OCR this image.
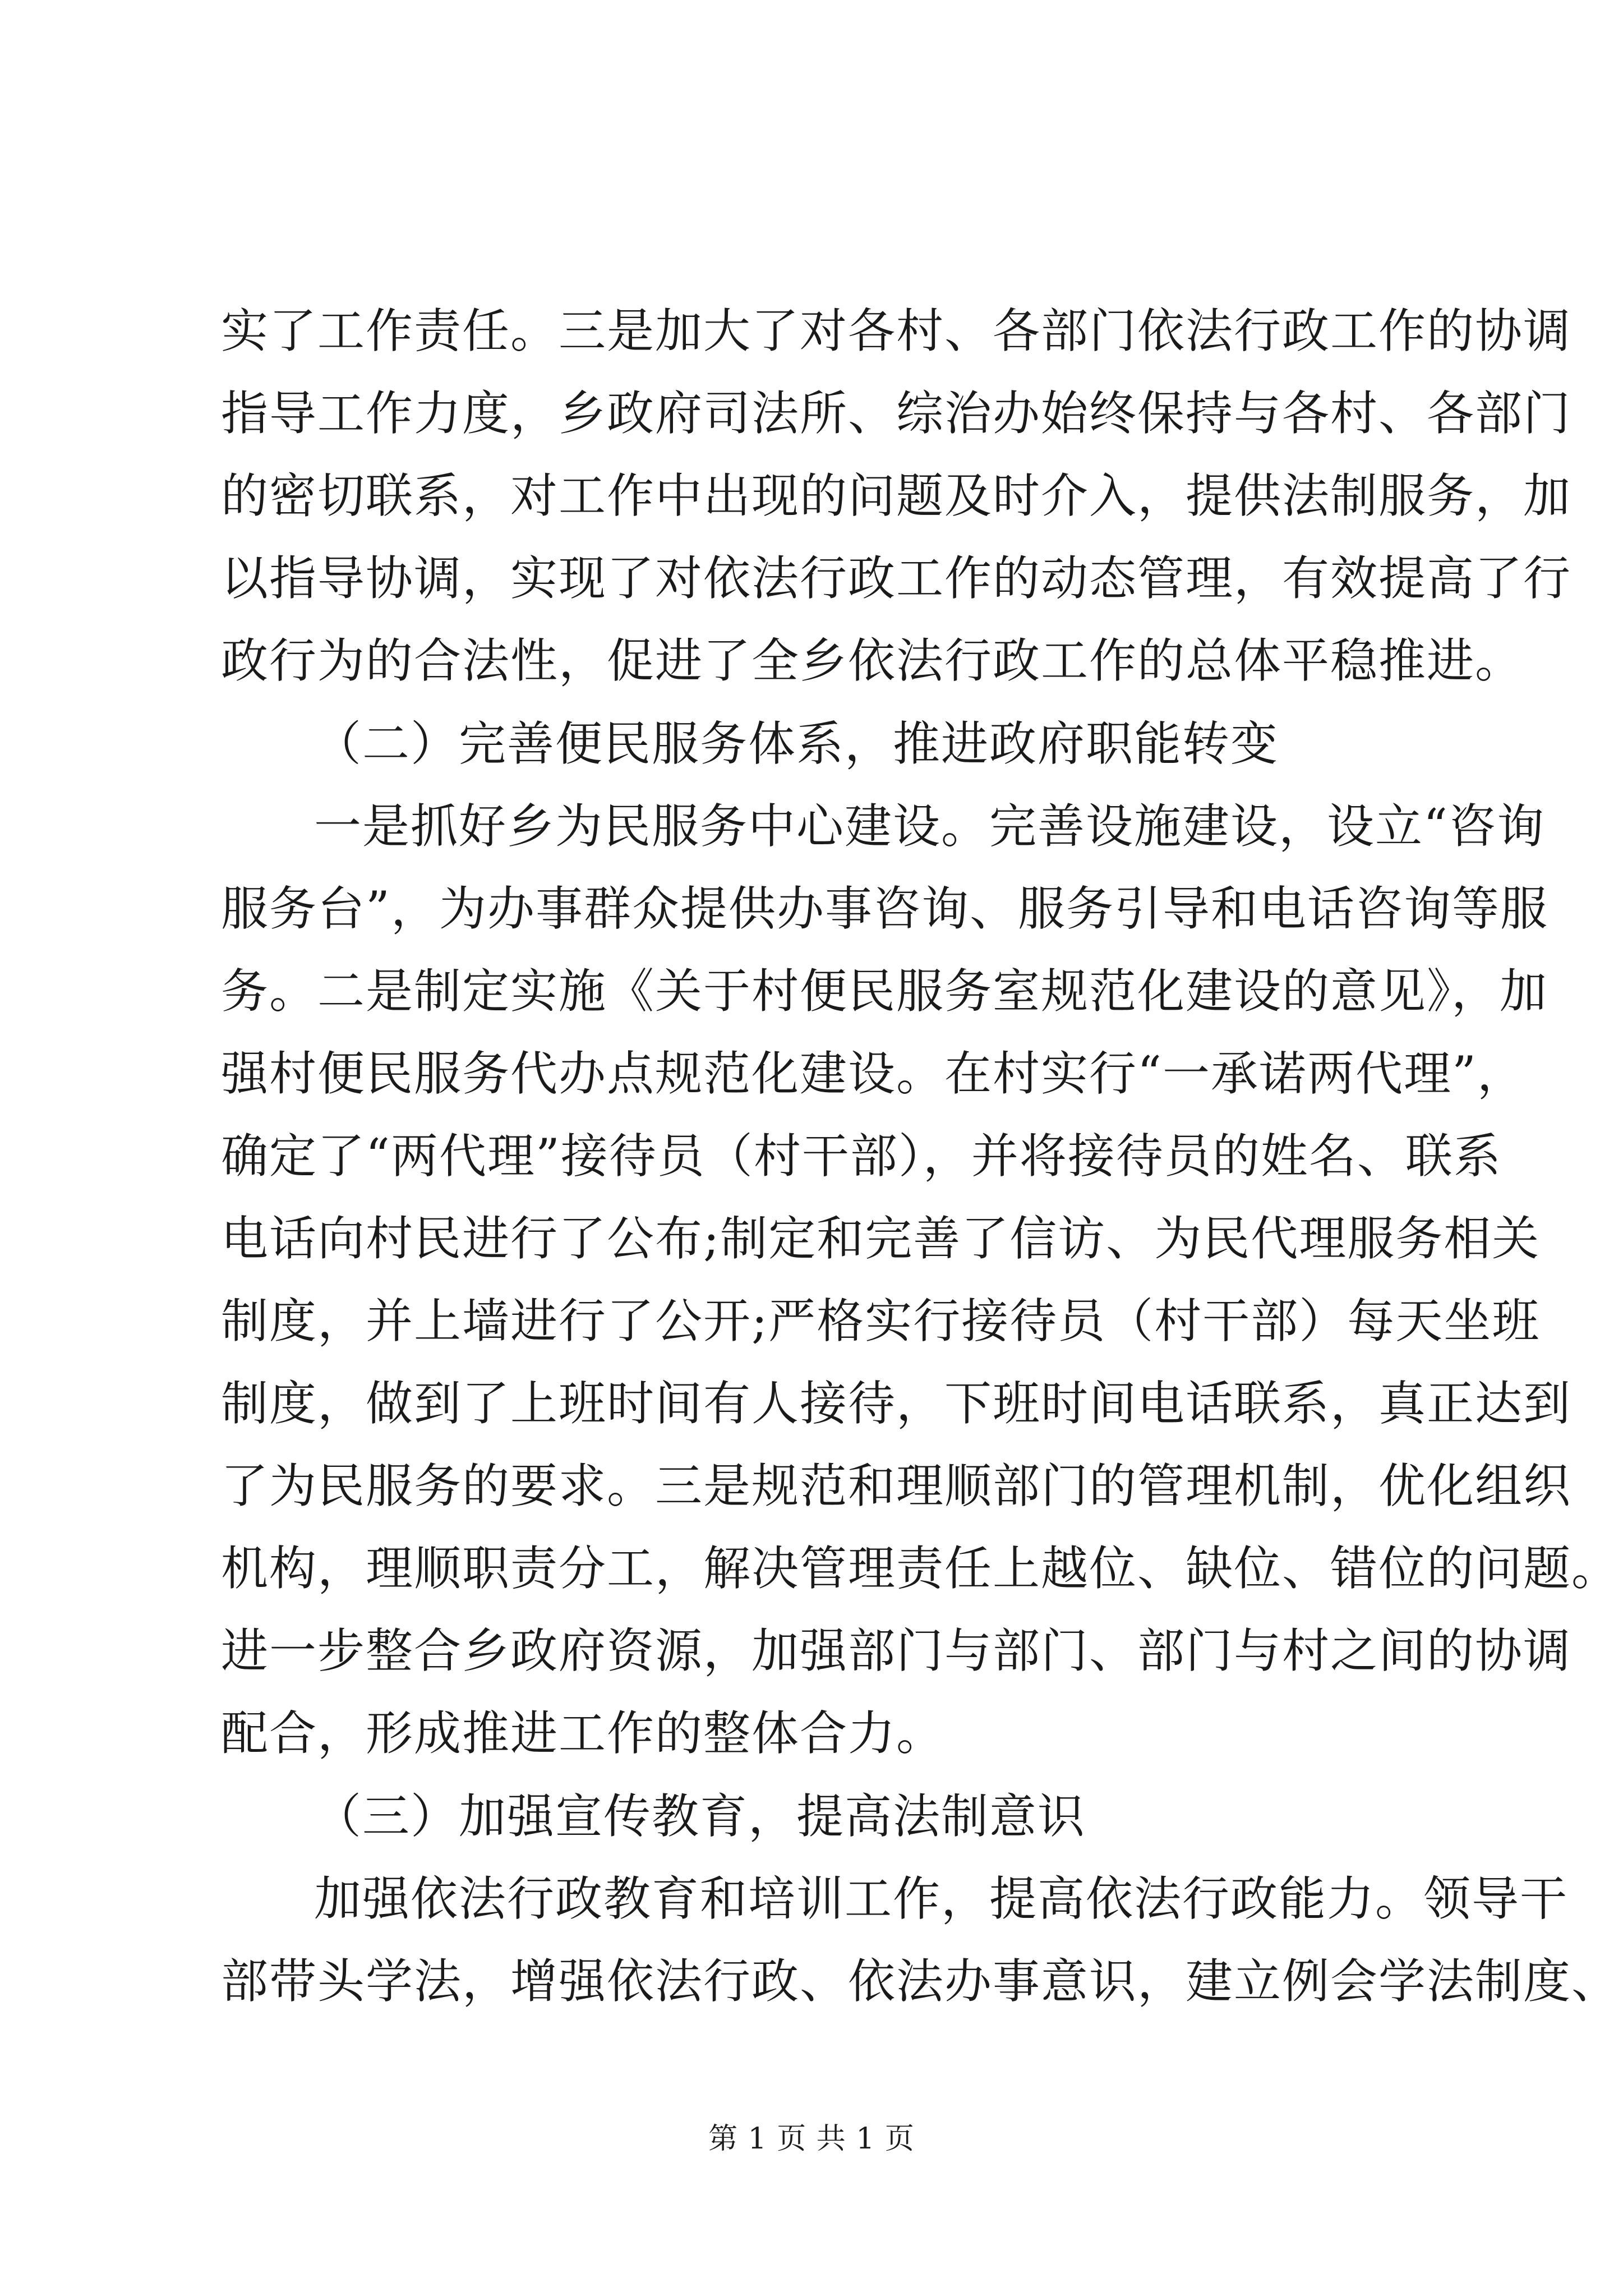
实了工作责任。三是加大了对各村、各部门依法行政工作的协调
指导工作力度，乡政府司法所、综治办始终保持与各村、各部门
的密切联系，对工作中出现的问题及时介入，提供法制服务，加
以指导协调，实现了对依法行政工作的动态管理，有效提高了行
政行为的合法性，促进了全乡依法行政工作的总体平稳推进。
（二）完善便民服务体系，推进政府职能转变
一是抓好乡为民服务中心建设。完善设施建设，设立“咨询
服务台”，为办事群众提供办事咨询、服务引导和电话咨询等服
务。二是制定实施《关于村便民服务室规范化建设的意见》，加
强村便民服务代办点规范化建设。在村实行“一承诺两代理”，
确定了“两代理”接待员（村干部），并将接待员的姓名、联系
电话向村民进行了公布;制定和完善了信访、为民代理服务相关
制度，并上墙进行了公开;严格实行接待员（村干部）每天坐班
制度，做到了上班时间有人接待，下班时间电话联系，真正达到
了为民服务的要求。三是规范和理顺部门的管理机制，优化组织
机构，理顺职责分工，解决管理责任上越位、缺位、错位的问题。
进一步整合乡政府资源，加强部门与部门、部门与村之间的协调
配合，形成推进工作的整体合力。
（三）加强宣传教育，提高法制意识
加强依法行政教育和培训工作，提高依法行政能力。领导干
部带头学法，增强依法行政、依法办事意识，建立例会学法制度、
第 1 页 共 1 页
